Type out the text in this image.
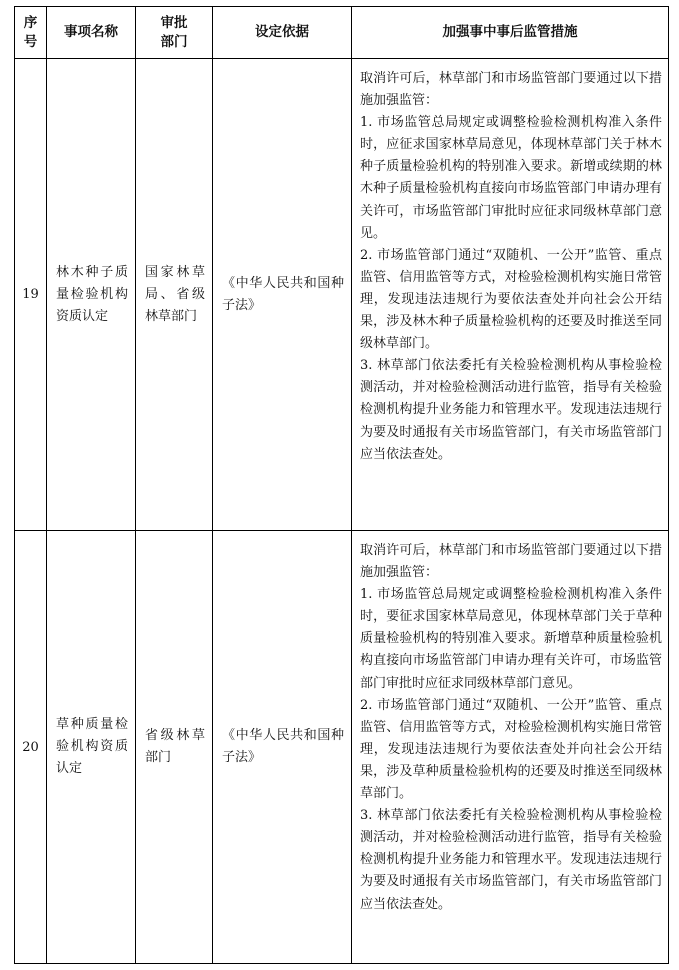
序号	事项名称	审批部门	设定依据	加强事中事后监管措施
19	林木种子质量检验机构资质认定	国家林草局、省级林草部门	《中华人民共和国种子法》	取消许可后，林草部门和市场监管部门要通过以下措施加强监管：
1. 市场监管总局规定或调整检验检测机构准入条件时，应征求国家林草局意见，体现林草部门关于林木种子质量检验机构的特别准入要求。新增或续期的林木种子质量检验机构直接向市场监管部门申请办理有关许可，市场监管部门审批时应征求同级林草部门意见。
2. 市场监管部门通过“双随机、一公开”监管、重点监管、信用监管等方式，对检验检测机构实施日常管理，发现违法违规行为要依法查处并向社会公开结果，涉及林木种子质量检验机构的还要及时推送至同级林草部门。
3. 林草部门依法委托有关检验检测机构从事检验检测活动，并对检验检测活动进行监管，指导有关检验检测机构提升业务能力和管理水平。发现违法违规行为要及时通报有关市场监管部门，有关市场监管部门应当依法查处。

20	草种质量检验机构资质认定	省级林草部门	《中华人民共和国种子法》	取消许可后，林草部门和市场监管部门要通过以下措施加强监管：
1. 市场监管总局规定或调整检验检测机构准入条件时，要征求国家林草局意见，体现林草部门关于草种质量检验机构的特别准入要求。新增草种质量检验机构直接向市场监管部门申请办理有关许可，市场监管部门审批时应征求同级林草部门意见。
2. 市场监管部门通过“双随机、一公开”监管、重点监管、信用监管等方式，对检验检测机构实施日常管理，发现违法违规行为要依法查处并向社会公开结果，涉及草种质量检验机构的还要及时推送至同级林草部门。
3. 林草部门依法委托有关检验检测机构从事检验检测活动，并对检验检测活动进行监管，指导有关检验检测机构提升业务能力和管理水平。发现违法违规行为要及时通报有关市场监管部门，有关市场监管部门应当依法查处。
